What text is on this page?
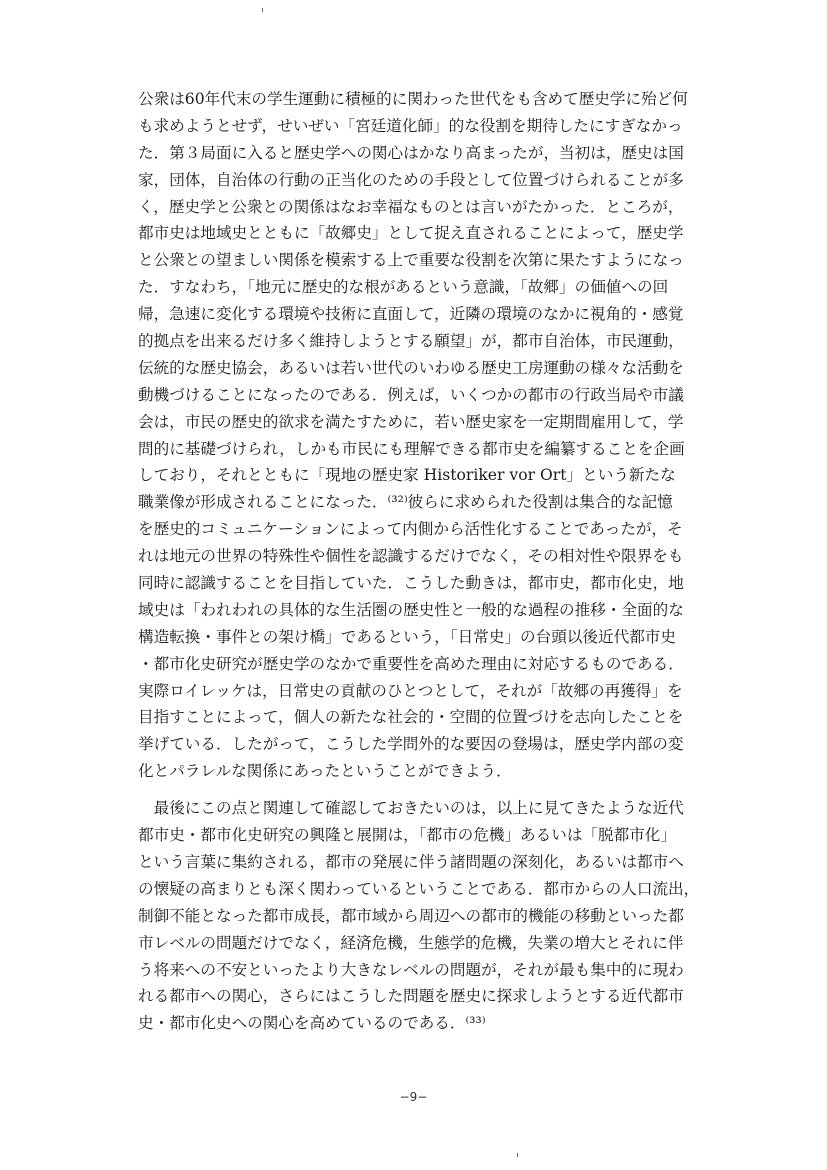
公衆は60年代末の学生運動に積極的に関わった世代をも含めて歴史学に殆ど何
も求めようとせず，せいぜい「宮廷道化師」的な役割を期待したにすぎなかっ
た．第３局面に入ると歴史学への関心はかなり高まったが，当初は，歴史は国
家，団体，自治体の行動の正当化のための手段として位置づけられることが多
く，歴史学と公衆との関係はなお幸福なものとは言いがたかった．ところが，
都市史は地域史とともに「故郷史」として捉え直されることによって，歴史学
と公衆との望ましい関係を模索する上で重要な役割を次第に果たすようになっ
た．すなわち，「地元に歴史的な根があるという意識，「故郷」の価値への回
帰，急速に変化する環境や技術に直面して，近隣の環境のなかに視角的・感覚
的拠点を出来るだけ多く維持しようとする願望」が，都市自治体，市民運動，
伝統的な歴史協会，あるいは若い世代のいわゆる歴史工房運動の様々な活動を
動機づけることになったのである．例えば，いくつかの都市の行政当局や市議
会は，市民の歴史的欲求を満たすために，若い歴史家を一定期間雇用して，学
問的に基礎づけられ，しかも市民にも理解できる都市史を編纂することを企画
しており，それとともに「現地の歴史家 Historiker vor Ort」という新たな
職業像が形成されることになった．⁽³²⁾彼らに求められた役割は集合的な記憶
を歴史的コミュニケーションによって内側から活性化することであったが，そ
れは地元の世界の特殊性や個性を認識するだけでなく，その相対性や限界をも
同時に認識することを目指していた．こうした動きは，都市史，都市化史，地
域史は「われわれの具体的な生活圏の歴史性と一般的な過程の推移・全面的な
構造転換・事件との架け橋」であるという，「日常史」の台頭以後近代都市史
・都市化史研究が歴史学のなかで重要性を高めた理由に対応するものである．
実際ロイレッケは，日常史の貢献のひとつとして，それが「故郷の再獲得」を
目指すことによって，個人の新たな社会的・空間的位置づけを志向したことを
挙げている．したがって，こうした学問外的な要因の登場は，歴史学内部の変
化とパラレルな関係にあったということができよう．
　最後にこの点と関連して確認しておきたいのは，以上に見てきたような近代
都市史・都市化史研究の興隆と展開は，「都市の危機」あるいは「脱都市化」
という言葉に集約される，都市の発展に伴う諸問題の深刻化，あるいは都市へ
の懐疑の高まりとも深く関わっているということである．都市からの人口流出，
制御不能となった都市成長，都市域から周辺への都市的機能の移動といった都
市レベルの問題だけでなく，経済危機，生態学的危機，失業の増大とそれに伴
う将来への不安といったより大きなレベルの問題が，それが最も集中的に現わ
れる都市への関心，さらにはこうした問題を歴史に探求しようとする近代都市
史・都市化史への関心を高めているのである．⁽³³⁾
−9−
